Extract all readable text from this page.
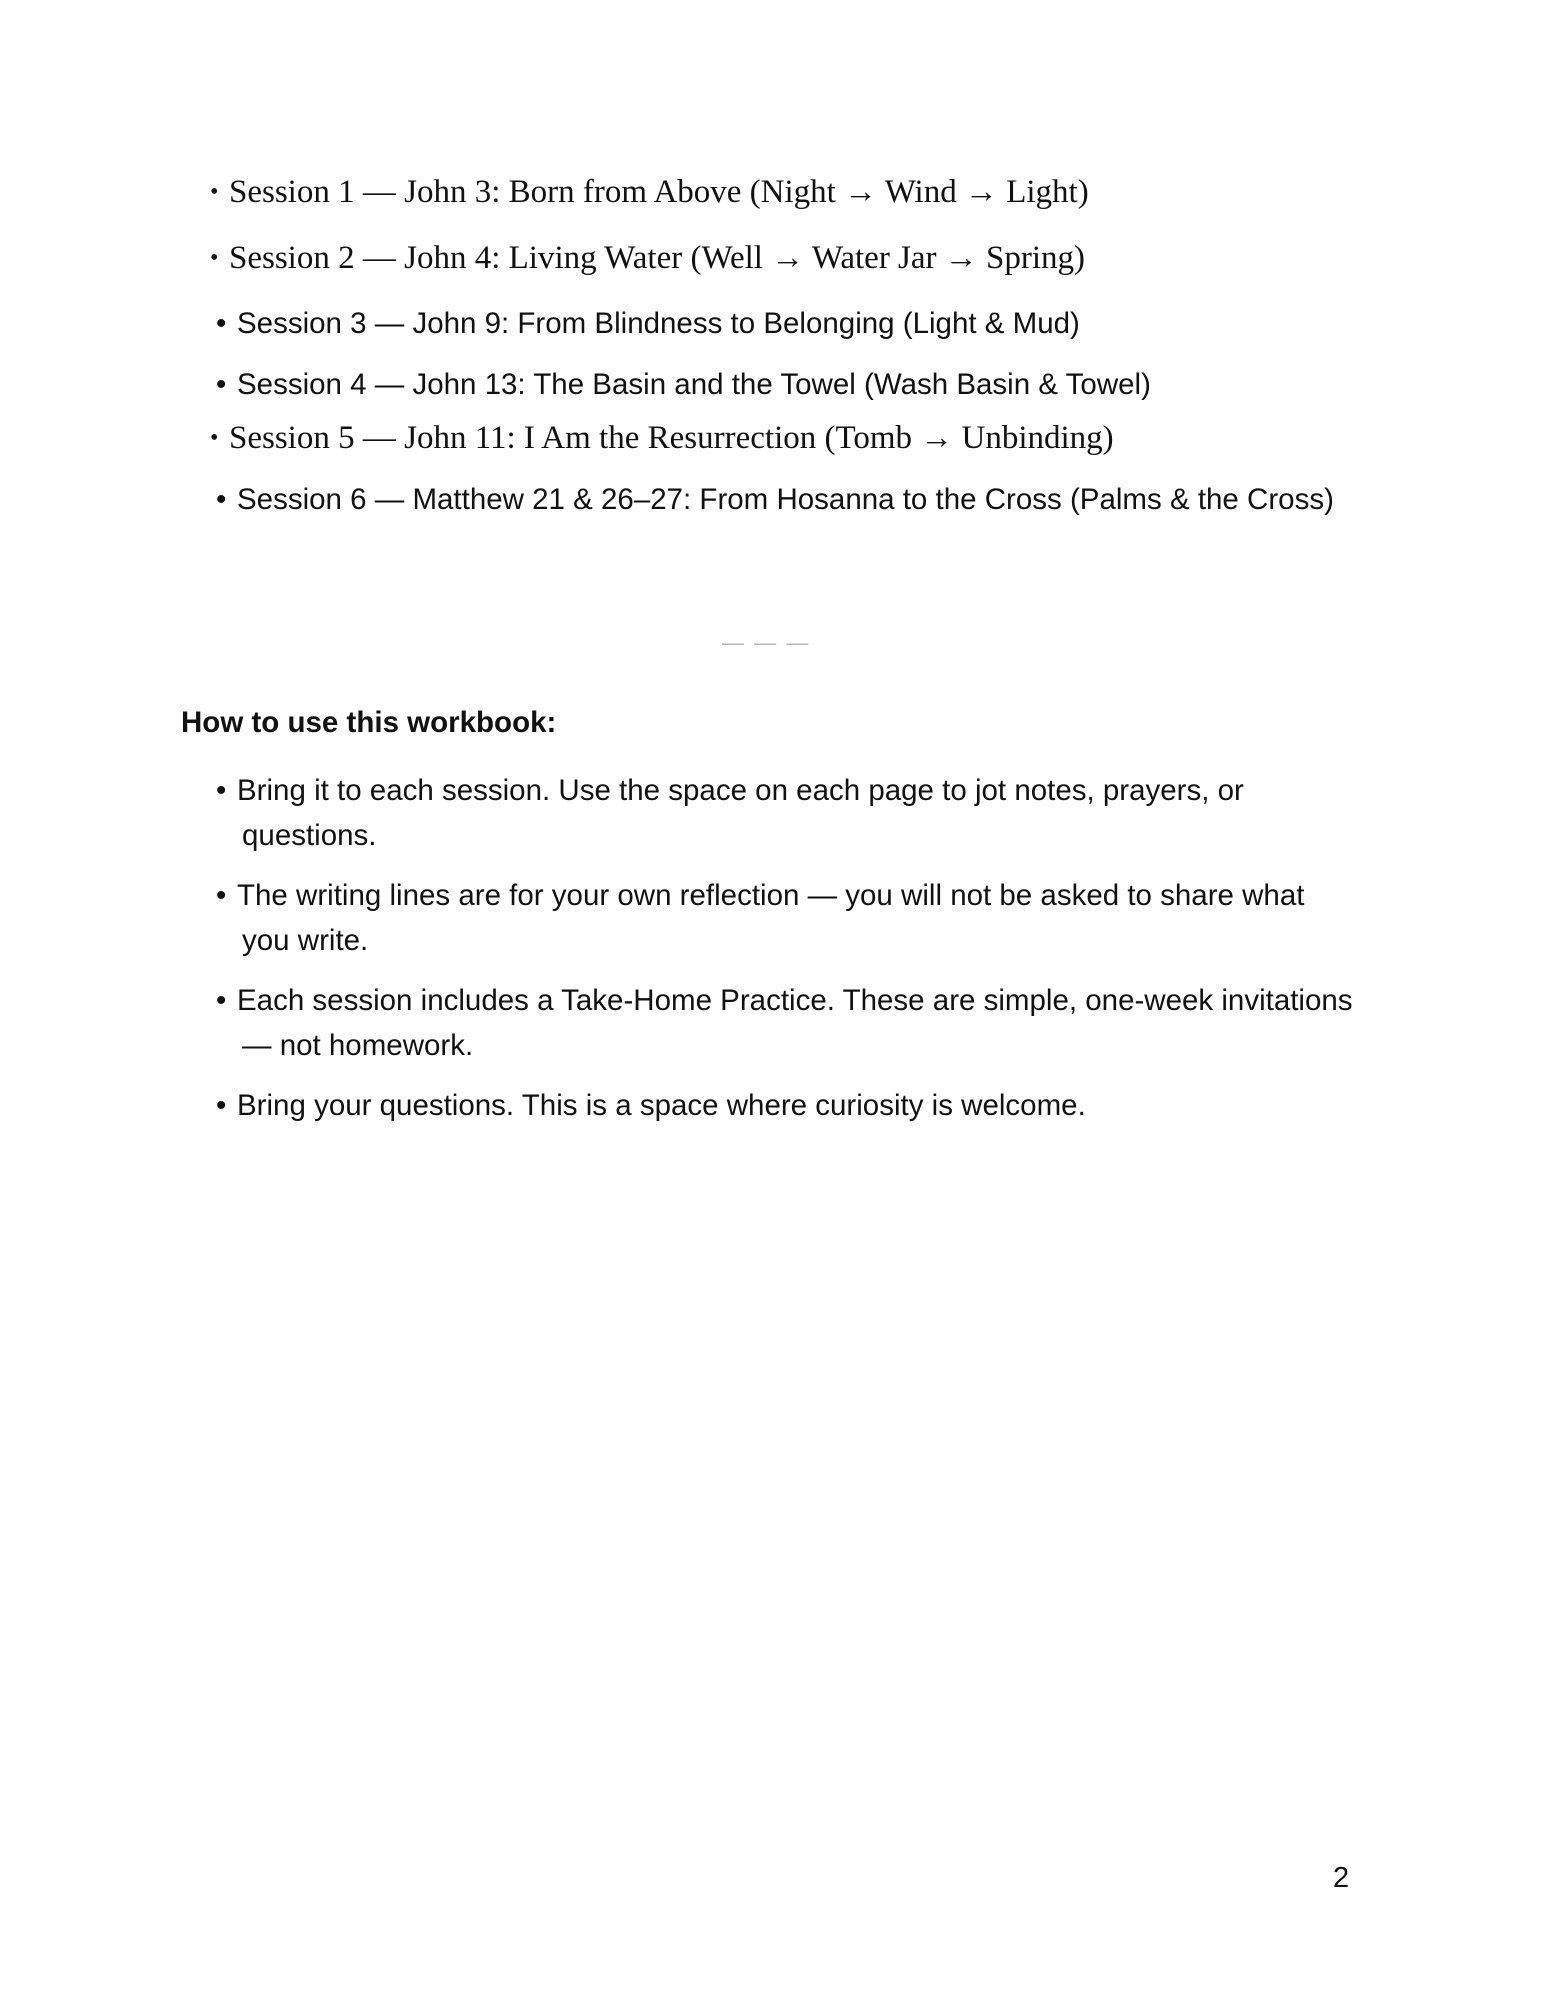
• Session 1 — John 3: Born from Above (Night → Wind → Light)
• Session 2 — John 4: Living Water (Well → Water Jar → Spring)
• Session 3 — John 9: From Blindness to Belonging (Light & Mud)
• Session 4 — John 13: The Basin and the Towel (Wash Basin & Towel)
• Session 5 — John 11: I Am the Resurrection (Tomb → Unbinding)
• Session 6 — Matthew 21 & 26–27: From Hosanna to the Cross (Palms & the Cross)
— — —
How to use this workbook:
• Bring it to each session. Use the space on each page to jot notes, prayers, or questions.
• The writing lines are for your own reflection — you will not be asked to share what you write.
• Each session includes a Take-Home Practice. These are simple, one-week invitations — not homework.
• Bring your questions. This is a space where curiosity is welcome.
2
